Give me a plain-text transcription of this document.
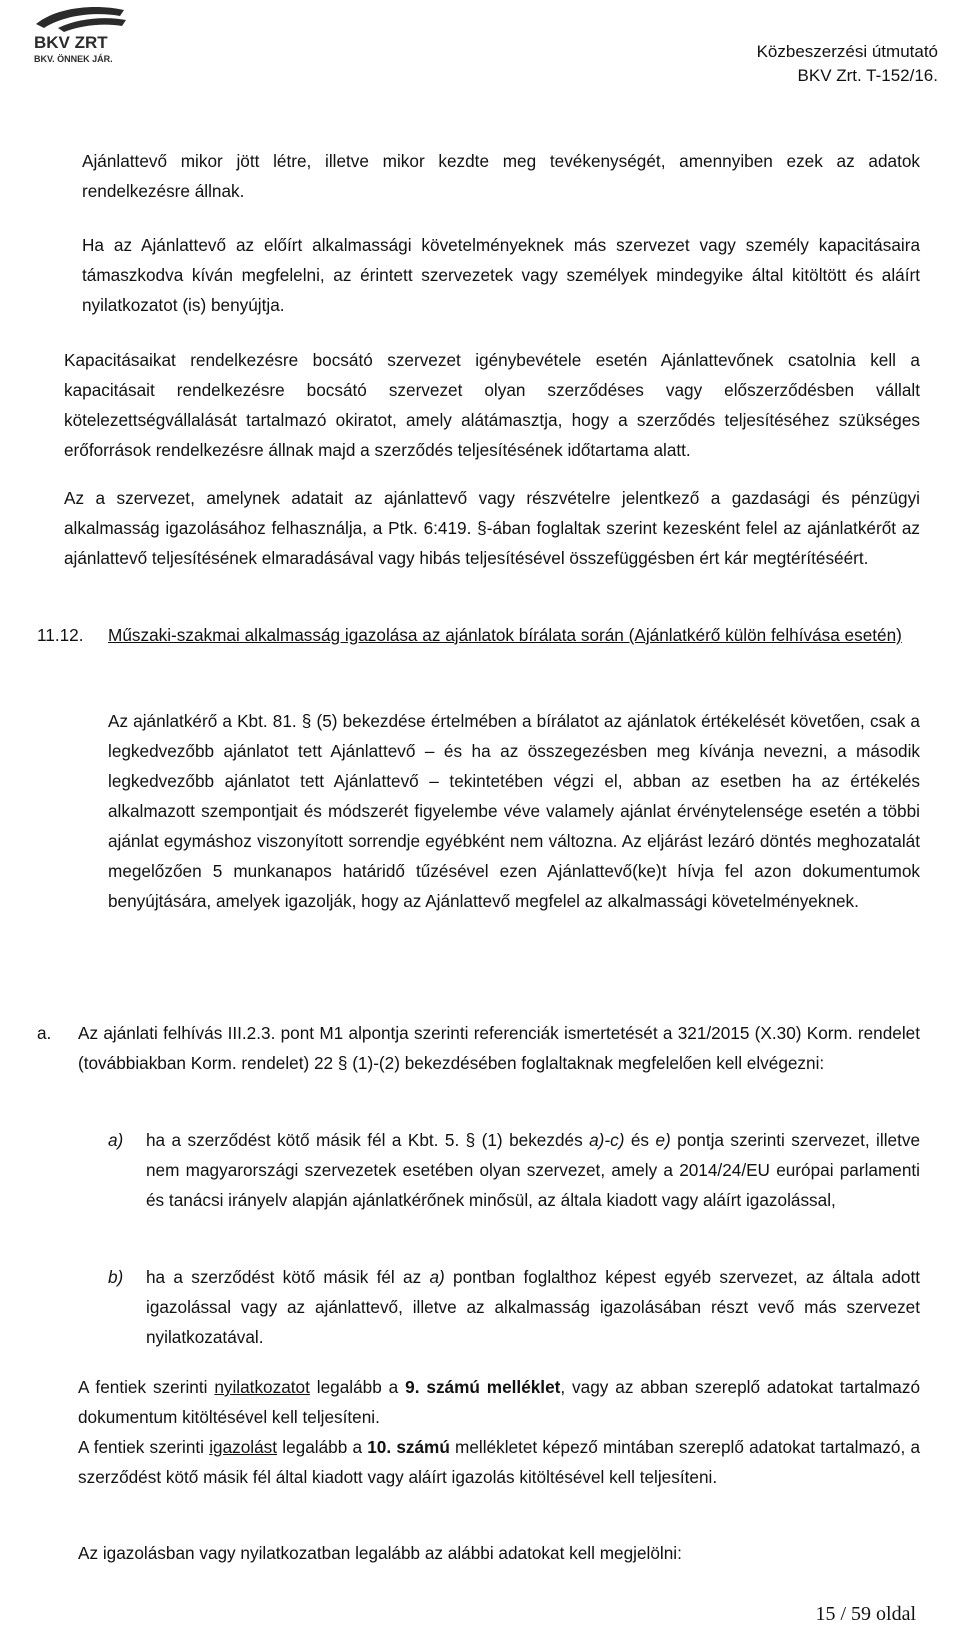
BKV ZRT
BKV. ÖNNEK JÁR.	Közbeszerzési útmutató
BKV Zrt. T-152/16.

Ajánlattevő mikor jött létre, illetve mikor kezdte meg tevékenységét, amennyiben ezek az adatok rendelkezésre állnak.

Ha az Ajánlattevő az előírt alkalmassági követelményeknek más szervezet vagy személy kapacitásaira támaszkodva kíván megfelelni, az érintett szervezetek vagy személyek mindegyike által kitöltött és aláírt nyilatkozatot (is) benyújtja.

Kapacitásaikat rendelkezésre bocsátó szervezet igénybevétele esetén Ajánlattevőnek csatolnia kell a kapacitásait rendelkezésre bocsátó szervezet olyan szerződéses vagy előszerződésben vállalt kötelezettségvállalását tartalmazó okiratot, amely alátámasztja, hogy a szerződés teljesítéséhez szükséges erőforrások rendelkezésre állnak majd a szerződés teljesítésének időtartama alatt.

Az a szervezet, amelynek adatait az ajánlattevő vagy részvételre jelentkező a gazdasági és pénzügyi alkalmasság igazolásához felhasználja, a Ptk. 6:419. §-ában foglaltak szerint kezesként felel az ajánlatkérőt az ajánlattevő teljesítésének elmaradásával vagy hibás teljesítésével összefüggésben ért kár megtérítéséért.

11.12. Műszaki-szakmai alkalmasság igazolása az ajánlatok bírálata során (Ajánlatkérő külön felhívása esetén)

Az ajánlatkérő a Kbt. 81. § (5) bekezdése értelmében a bírálatot az ajánlatok értékelését követően, csak a legkedvezőbb ajánlatot tett Ajánlattevő – és ha az összegezésben meg kívánja nevezni, a második legkedvezőbb ajánlatot tett Ajánlattevő – tekintetében végzi el, abban az esetben ha az értékelés alkalmazott szempontjait és módszerét figyelembe véve valamely ajánlat érvénytelensége esetén a többi ajánlat egymáshoz viszonyított sorrendje egyébként nem változna. Az eljárást lezáró döntés meghozatalát megelőzően 5 munkanapos határidő tűzésével ezen Ajánlattevő(ke)t hívja fel azon dokumentumok benyújtására, amelyek igazolják, hogy az Ajánlattevő megfelel az alkalmassági követelményeknek.

a. Az ajánlati felhívás III.2.3. pont M1 alpontja szerinti referenciák ismertetését a 321/2015 (X.30) Korm. rendelet (továbbiakban Korm. rendelet) 22 § (1)-(2) bekezdésében foglaltaknak megfelelően kell elvégezni:

a) ha a szerződést kötő másik fél a Kbt. 5. § (1) bekezdés a)-c) és e) pontja szerinti szervezet, illetve nem magyarországi szervezetek esetében olyan szervezet, amely a 2014/24/EU európai parlamenti és tanácsi irányelv alapján ajánlatkérőnek minősül, az általa kiadott vagy aláírt igazolással,

b) ha a szerződést kötő másik fél az a) pontban foglalthoz képest egyéb szervezet, az általa adott igazolással vagy az ajánlattevő, illetve az alkalmasság igazolásában részt vevő más szervezet nyilatkozatával.

A fentiek szerinti nyilatkozatot legalább a 9. számú melléklet, vagy az abban szereplő adatokat tartalmazó dokumentum kitöltésével kell teljesíteni.

A fentiek szerinti igazolást legalább a 10. számú mellékletet képező mintában szereplő adatokat tartalmazó, a szerződést kötő másik fél által kiadott vagy aláírt igazolás kitöltésével kell teljesíteni.

Az igazolásban vagy nyilatkozatban legalább az alábbi adatokat kell megjelölni:

15 / 59 oldal
